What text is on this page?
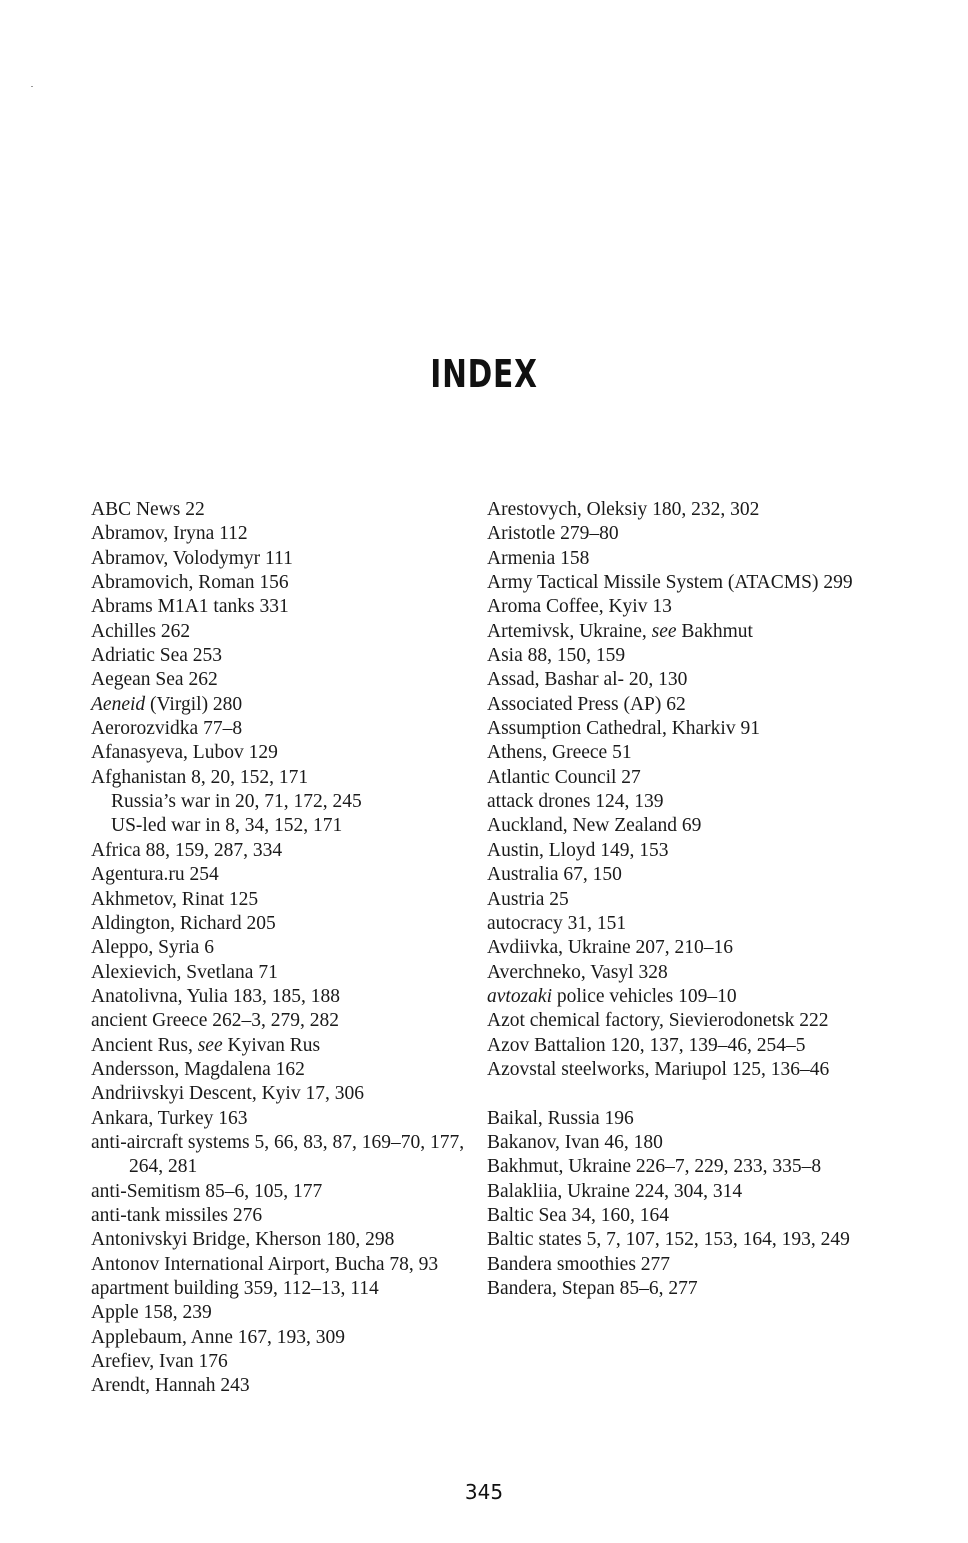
INDEX
ABC News 22
Abramov, Iryna 112
Abramov, Volodymyr 111
Abramovich, Roman 156
Abrams M1A1 tanks 331
Achilles 262
Adriatic Sea 253
Aegean Sea 262
Aeneid (Virgil) 280
Aerorozvidka 77–8
Afanasyeva, Lubov 129
Afghanistan 8, 20, 152, 171
Russia’s war in 20, 71, 172, 245
US-led war in 8, 34, 152, 171
Africa 88, 159, 287, 334
Agentura.ru 254
Akhmetov, Rinat 125
Aldington, Richard 205
Aleppo, Syria 6
Alexievich, Svetlana 71
Anatolivna, Yulia 183, 185, 188
ancient Greece 262–3, 279, 282
Ancient Rus, see Kyivan Rus
Andersson, Magdalena 162
Andriivskyi Descent, Kyiv 17, 306
Ankara, Turkey 163
anti-aircraft systems 5, 66, 83, 87, 169–70, 177, 264, 281
anti-Semitism 85–6, 105, 177
anti-tank missiles 276
Antonivskyi Bridge, Kherson 180, 298
Antonov International Airport, Bucha 78, 93
apartment building 359, 112–13, 114
Apple 158, 239
Applebaum, Anne 167, 193, 309
Arefiev, Ivan 176
Arendt, Hannah 243
Arestovych, Oleksiy 180, 232, 302
Aristotle 279–80
Armenia 158
Army Tactical Missile System (ATACMS) 299
Aroma Coffee, Kyiv 13
Artemivsk, Ukraine, see Bakhmut
Asia 88, 150, 159
Assad, Bashar al- 20, 130
Associated Press (AP) 62
Assumption Cathedral, Kharkiv 91
Athens, Greece 51
Atlantic Council 27
attack drones 124, 139
Auckland, New Zealand 69
Austin, Lloyd 149, 153
Australia 67, 150
Austria 25
autocracy 31, 151
Avdiivka, Ukraine 207, 210–16
Averchneko, Vasyl 328
avtozaki police vehicles 109–10
Azot chemical factory, Sievierodonetsk 222
Azov Battalion 120, 137, 139–46, 254–5
Azovstal steelworks, Mariupol 125, 136–46
Baikal, Russia 196
Bakanov, Ivan 46, 180
Bakhmut, Ukraine 226–7, 229, 233, 335–8
Balakliia, Ukraine 224, 304, 314
Baltic Sea 34, 160, 164
Baltic states 5, 7, 107, 152, 153, 164, 193, 249
Bandera smoothies 277
Bandera, Stepan 85–6, 277
345
